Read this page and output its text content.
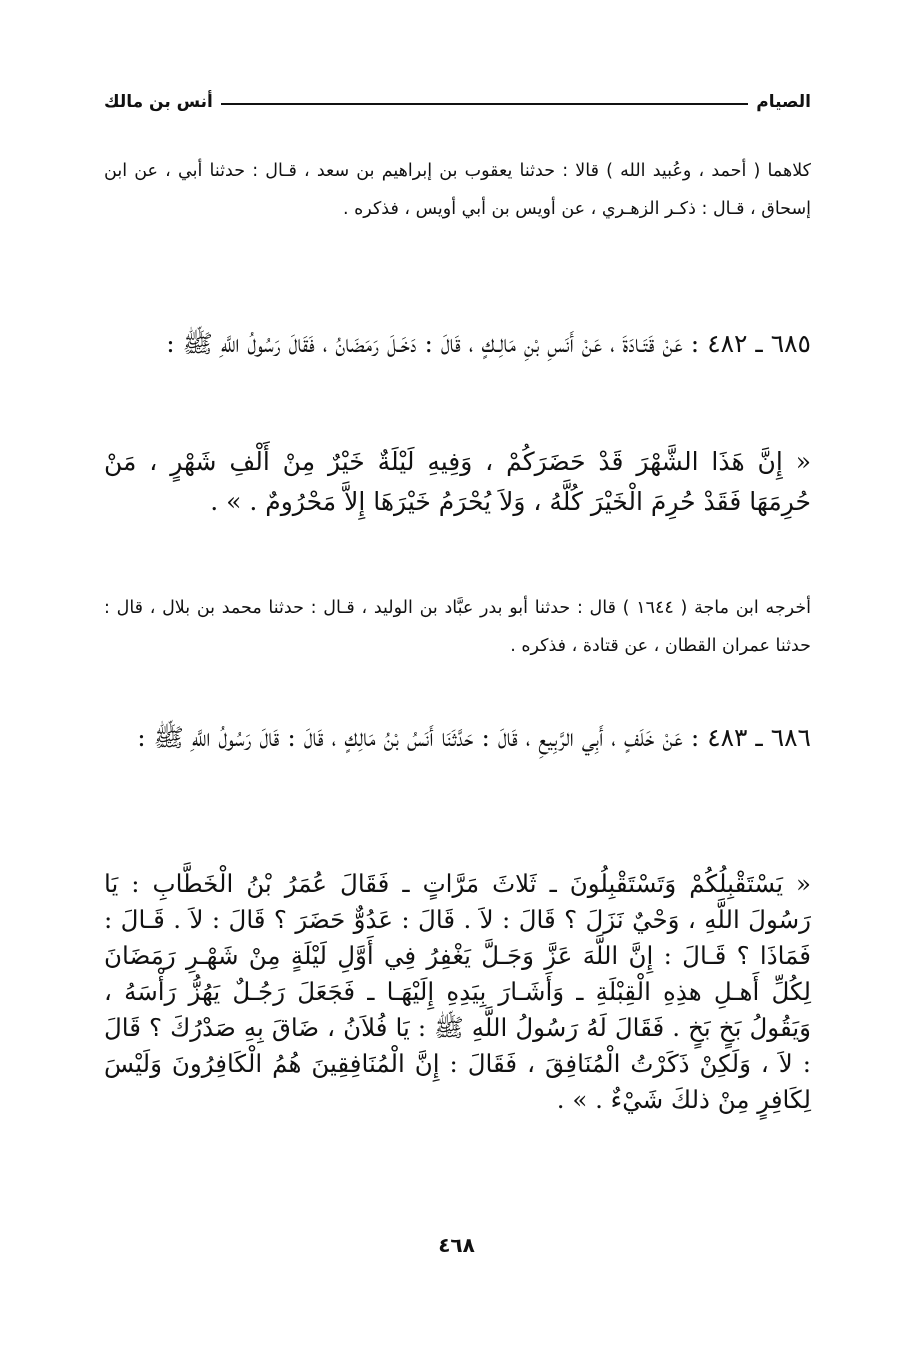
الصيام
أنس بن مالك

كلاهما ( أحمد ، وعُبيد الله ) قالا : حدثنا يعقوب بن إبراهيم بن سعد ، قـال : حدثنا أبي ، عن ابن إسحاق ، قـال : ذكـر الزهـري ، عن أويس بن أبي أويس ، فذكره .

٦٨٥ ـ ٤٨٢ : عَنْ قَتَـادَةَ ، عَنْ أَنَسِ بْنِ مَالِـكٍ ، قَالَ : دَخَـلَ رَمَضَانُ ، فَقَالَ رَسُولُ اللَّهِ ﷺ :

« إِنَّ هَذَا الشَّهْرَ قَدْ حَضَرَكُمْ ، وَفِيهِ لَيْلَةٌ خَيْرٌ مِنْ أَلْفِ شَهْرٍ ، مَنْ حُرِمَهَا فَقَدْ حُرِمَ الْخَيْرَ كُلَّهُ ، وَلاَ يُحْرَمُ خَيْرَهَا إِلاَّ مَحْرُومٌ . » .

أخرجه ابن ماجة ( ١٦٤٤ ) قال : حدثنا أبو بدر عبَّاد بن الوليد ، قـال : حدثنا محمد بن بلال ، قال : حدثنا عمران القطان ، عن قتادة ، فذكره .

٦٨٦ ـ ٤٨٣ : عَنْ خَلَفٍ ، أَبِي الرَّبِيعِ ، قَالَ : حَدَّثَنَا أَنَسُ بْنُ مَالِكٍ ، قَالَ : قَالَ رَسُولُ اللَّهِ ﷺ :

« يَسْتَقْبِلُكُمْ وَتَسْتَقْبِلُونَ ـ ثَلاثَ مَرَّاتٍ ـ فَقَالَ عُمَرُ بْنُ الْخَطَّابِ : يَا رَسُولَ اللَّهِ ، وَحْيٌ نَزَلَ ؟ قَالَ : لاَ . قَالَ : عَدُوٌّ حَضَرَ ؟ قَالَ : لاَ . قَـالَ : فَمَاذَا ؟ قَـالَ : إِنَّ اللَّهَ عَزَّ وَجَـلَّ يَغْفِرُ فِي أَوَّلِ لَيْلَةٍ مِنْ شَهْـرِ رَمَضَانَ لِكُلِّ أَهـلِ هذِهِ الْقِبْلَةِ ـ وَأَشَـارَ بِيَدِهِ إِلَيْهَـا ـ فَجَعَلَ رَجُـلٌ يَهُزُّ رَأْسَهُ ، وَيَقُولُ بَخٍ بَخٍ . فَقَالَ لَهُ رَسُولُ اللَّهِ ﷺ : يَا فُلاَنُ ، ضَاقَ بِهِ صَدْرُكَ ؟ قَالَ : لاَ ، وَلَكِنْ ذَكَرْتُ الْمُنَافِقَ ، فَقَالَ : إِنَّ الْمُنَافِقِينَ هُمُ الْكَافِرُونَ وَلَيْسَ لِكَافِرٍ مِنْ ذلكَ شَيْءٌ . » .

٤٦٨
